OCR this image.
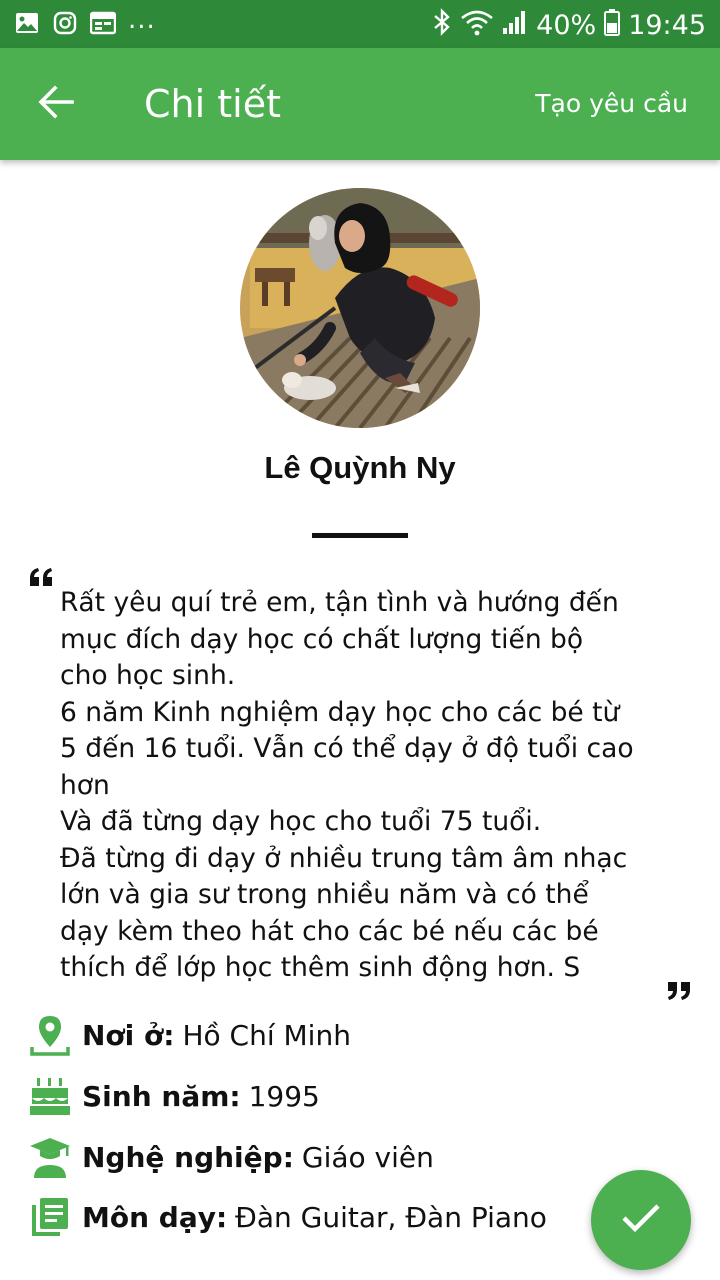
...	40% 19:45
Chi tiết	Tạo yêu cầu
Lê Quỳnh Ny
Rất yêu quí trẻ em, tận tình và hướng đến
mục đích dạy học có chất lượng tiến bộ
cho học sinh.
6 năm Kinh nghiệm dạy học cho các bé từ
5 đến 16 tuổi. Vẫn có thể dạy ở độ tuổi cao
hơn
Và đã từng dạy học cho tuổi 75 tuổi.
Đã từng đi dạy ở nhiều trung tâm âm nhạc
lớn và gia sư trong nhiều năm và có thể
dạy kèm theo hát cho các bé nếu các bé
thích để lớp học thêm sinh động hơn. S
Nơi ở: Hồ Chí Minh
Sinh năm: 1995
Nghệ nghiệp: Giáo viên
Môn dạy: Đàn Guitar, Đàn Piano
